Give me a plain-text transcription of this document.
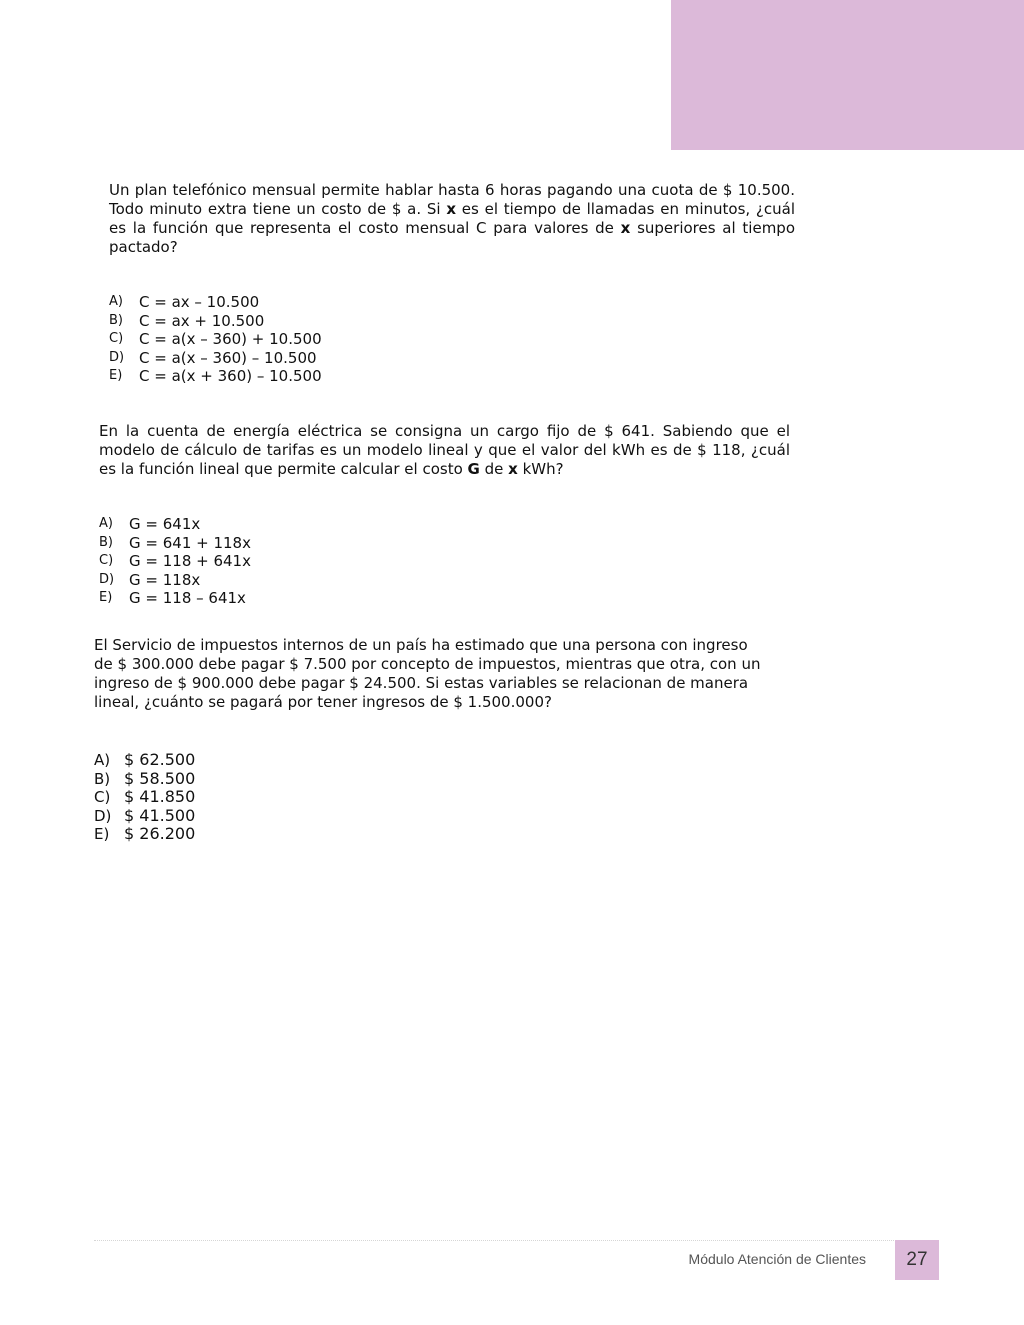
Un plan telefónico mensual permite hablar hasta 6 horas pagando una cuota de $ 10.500. Todo minuto extra tiene un costo de $ a. Si x es el tiempo de llamadas en minutos, ¿cuál es la función que representa el costo mensual C para valores de x superiores al tiempo pactado?

A)	C = ax – 10.500
B)	C = ax + 10.500
C)	C = a(x – 360) + 10.500
D) C = a(x – 360) – 10.500
E)	C = a(x + 360) – 10.500

En la cuenta de energía eléctrica se consigna un cargo fijo de $ 641. Sabiendo que el modelo de cálculo de tarifas es un modelo lineal y que el valor del kWh es de $ 118, ¿cuál es la función lineal que permite calcular el costo G de x kWh?

A)	G = 641x
B)	G = 641 + 118x
C)	G = 118 + 641x
D) G = 118x
E)	G = 118 – 641x
El Servicio de impuestos internos de un país ha estimado que una persona con ingreso
de $ 300.000 debe pagar $ 7.500 por concepto de impuestos, mientras que otra, con un
ingreso de $ 900.000 debe pagar $ 24.500. Si estas variables se relacionan de manera
lineal, ¿cuánto se pagará por tener ingresos de $ 1.500.000?
A) $ 62.500
B) $ 58.500
C) $ 41.850
D) $ 41.500
E) $ 26.200
Módulo Atención de Clientes	27
